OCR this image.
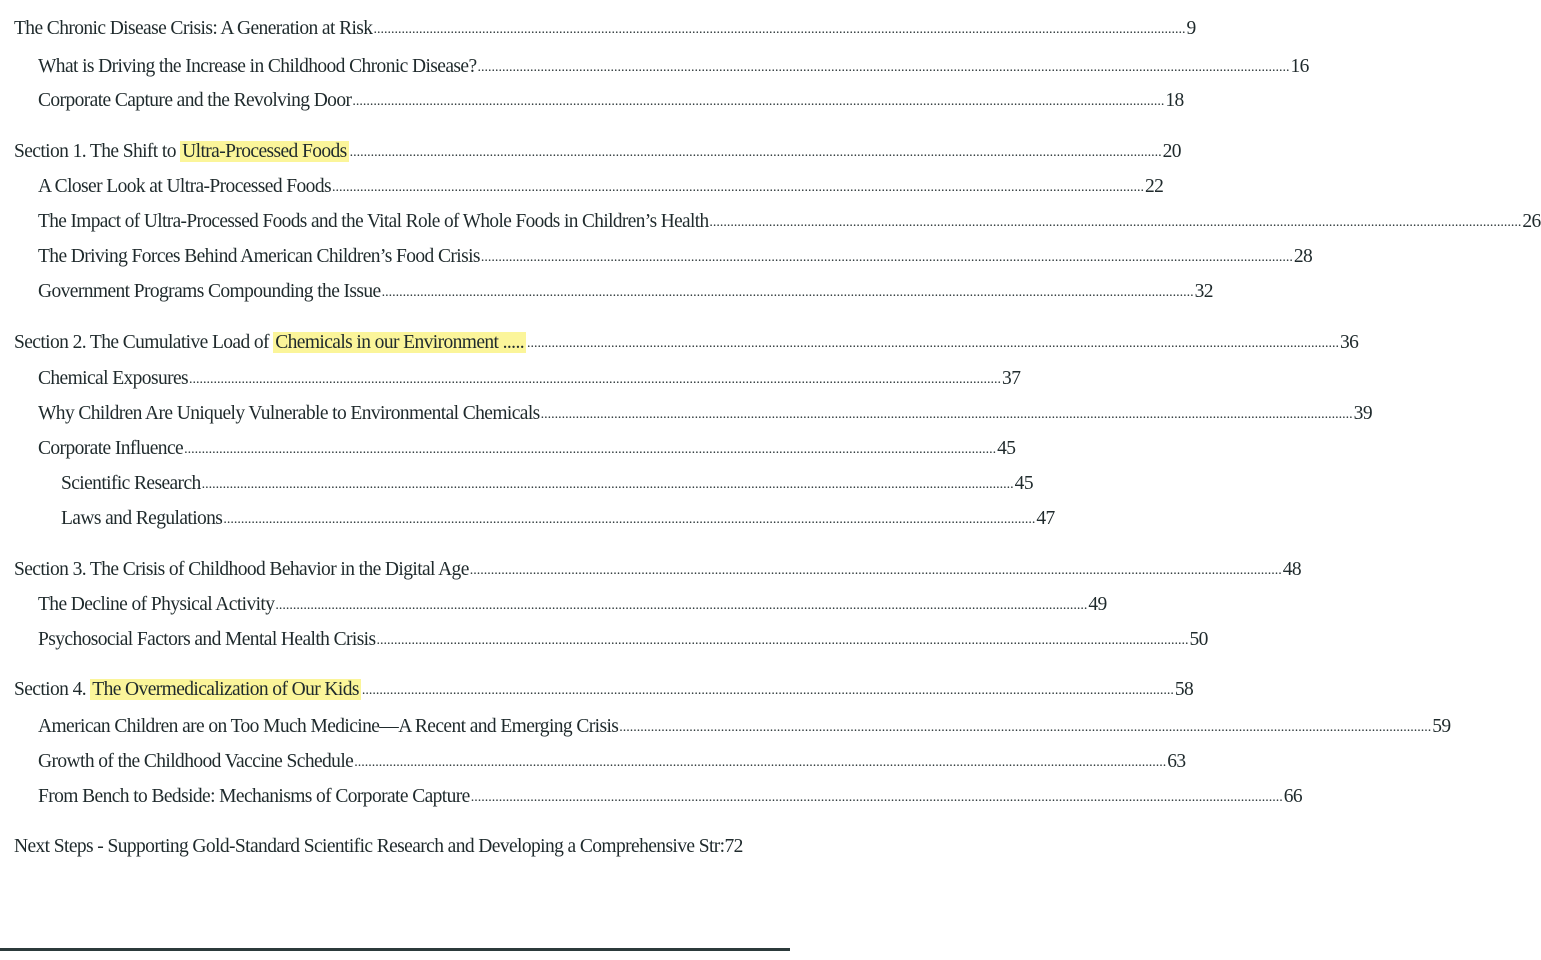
The Chronic Disease Crisis: A Generation at Risk ........................................................................................................................................................................................................................................ 9
What is Driving the Increase in Childhood Chronic Disease? ........................................................................................................................................................................................................................................ 16
Corporate Capture and the Revolving Door ........................................................................................................................................................................................................................................ 18
Section 1. The Shift to Ultra-Processed Foods ........................................................................................................................................................................................................................................ 20
A Closer Look at Ultra-Processed Foods ........................................................................................................................................................................................................................................ 22
The Impact of Ultra-Processed Foods and the Vital Role of Whole Foods in Children’s Health ........................................................................................................................................................................................................................................ 26
The Driving Forces Behind American Children’s Food Crisis ........................................................................................................................................................................................................................................ 28
Government Programs Compounding the Issue ........................................................................................................................................................................................................................................ 32
Section 2. The Cumulative Load of Chemicals in our Environment ..... ........................................................................................................................................................................................................................................ 36
Chemical Exposures ........................................................................................................................................................................................................................................ 37
Why Children Are Uniquely Vulnerable to Environmental Chemicals ........................................................................................................................................................................................................................................ 39
Corporate Influence ........................................................................................................................................................................................................................................ 45
Scientific Research ........................................................................................................................................................................................................................................ 45
Laws and Regulations ........................................................................................................................................................................................................................................ 47
Section 3. The Crisis of Childhood Behavior in the Digital Age ........................................................................................................................................................................................................................................ 48
The Decline of Physical Activity ........................................................................................................................................................................................................................................ 49
Psychosocial Factors and Mental Health Crisis ........................................................................................................................................................................................................................................ 50
Section 4. The Overmedicalization of Our Kids ........................................................................................................................................................................................................................................ 58
American Children are on Too Much Medicine—A Recent and Emerging Crisis ........................................................................................................................................................................................................................................ 59
Growth of the Childhood Vaccine Schedule ........................................................................................................................................................................................................................................ 63
From Bench to Bedside: Mechanisms of Corporate Capture ........................................................................................................................................................................................................................................ 66
Next Steps - Supporting Gold-Standard Scientific Research and Developing a Comprehensive Str: 72
